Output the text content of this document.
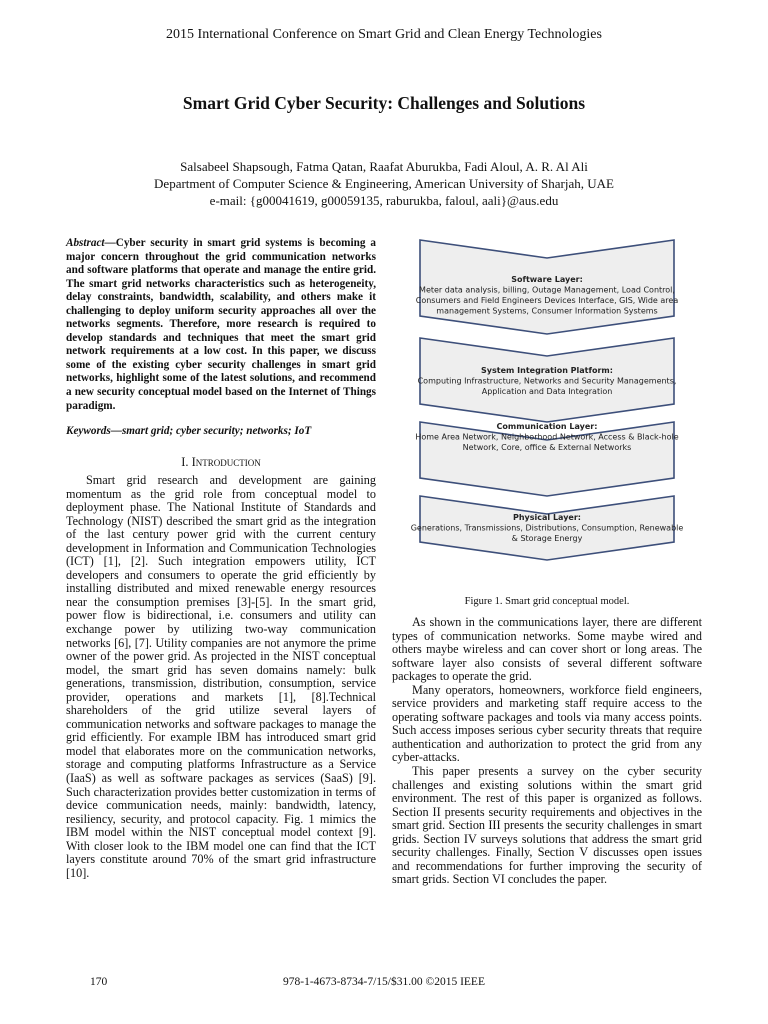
2015 International Conference on Smart Grid and Clean Energy Technologies
Smart Grid Cyber Security: Challenges and Solutions
Salsabeel Shapsough, Fatma Qatan, Raafat Aburukba, Fadi Aloul, A. R. Al Ali
Department of Computer Science & Engineering, American University of Sharjah, UAE
e-mail: {g00041619, g00059135, raburukba, faloul, aali}@aus.edu
Abstract—Cyber security in smart grid systems is becoming a major concern throughout the grid communication networks and software platforms that operate and manage the entire grid. The smart grid networks characteristics such as heterogeneity, delay constraints, bandwidth, scalability, and others make it challenging to deploy uniform security approaches all over the networks segments. Therefore, more research is required to develop standards and techniques that meet the smart grid network requirements at a low cost. In this paper, we discuss some of the existing cyber security challenges in smart grid networks, highlight some of the latest solutions, and recommend a new security conceptual model based on the Internet of Things paradigm.
Keywords—smart grid; cyber security; networks; IoT
I. Introduction

Smart grid research and development are gaining momentum as the grid role from conceptual model to deployment phase. The National Institute of Standards and Technology (NIST) described the smart grid as the integration of the last century power grid with the current century development in Information and Communication Technologies (ICT) [1], [2]. Such integration empowers utility, ICT developers and consumers to operate the grid efficiently by installing distributed and mixed renewable energy resources near the consumption premises [3]-[5]. In the smart grid, power flow is bidirectional, i.e. consumers and utility can exchange power by utilizing two-way communication networks [6], [7]. Utility companies are not anymore the prime owner of the power grid. As projected in the NIST conceptual model, the smart grid has seven domains namely: bulk generations, transmission, distribution, consumption, service provider, operations and markets [1], [8].Technical shareholders of the grid utilize several layers of communication networks and software packages to manage the grid efficiently. For example IBM has introduced smart grid model that elaborates more on the communication networks, storage and computing platforms Infrastructure as a Service (IaaS) as well as software packages as services (SaaS) [9]. Such characterization provides better customization in terms of device communication needs, mainly: bandwidth, latency, resiliency, security, and protocol capacity. Fig. 1 mimics the IBM model within the NIST conceptual model context [9]. With closer look to the IBM model one can find that the ICT layers constitute around 70% of the smart grid infrastructure [10].

Software Layer:
Meter data analysis, billing, Outage Management, Load Control,
Consumers and Field Engineers Devices Interface, GIS, Wide area
management Systems, Consumer Information Systems
System Integration Platform:
Computing Infrastructure, Networks and Security Managements,
Application and Data Integration
Communication Layer:
Home Area Network, Neighborhood Network, Access & Black-hole
Network, Core, office & External Networks
Physical Layer:
Generations, Transmissions, Distributions, Consumption, Renewable
& Storage Energy
Figure 1. Smart grid conceptual model.

As shown in the communications layer, there are different types of communication networks. Some maybe wired and others maybe wireless and can cover short or long areas. The software layer also consists of several different software packages to operate the grid.

Many operators, homeowners, workforce field engineers, service providers and marketing staff require access to the operating software packages and tools via many access points. Such access imposes serious cyber security threats that require authentication and authorization to protect the grid from any cyber-attacks.

This paper presents a survey on the cyber security challenges and existing solutions within the smart grid environment. The rest of this paper is organized as follows. Section II presents security requirements and objectives in the smart grid. Section III presents the security challenges in smart grids. Section IV surveys solutions that address the smart grid security challenges. Finally, Section V discusses open issues and recommendations for further improving the security of smart grids. Section VI concludes the paper.

170	978-1-4673-8734-7/15/$31.00 ©2015 IEEE
